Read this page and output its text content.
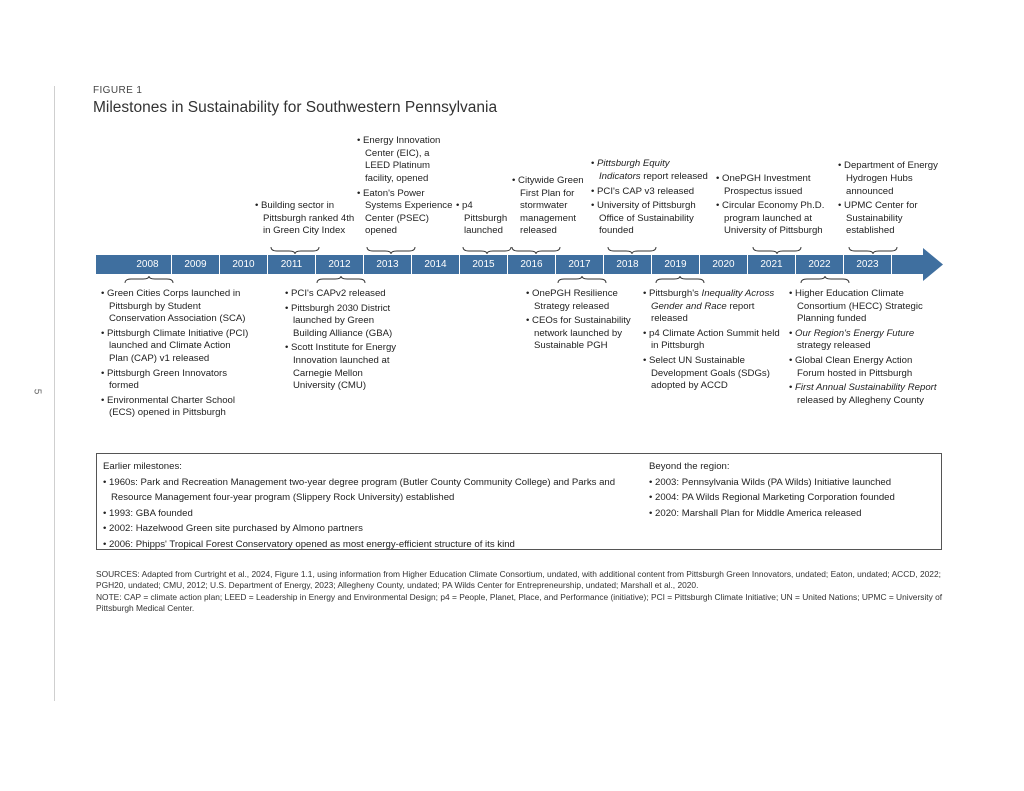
5
FIGURE 1
Milestones in Sustainability for Southwestern Pennsylvania
• Building sector in Pittsburgh ranked 4th in Green City Index
• Energy Innovation Center (EIC), a LEED Platinum facility, opened
• Eaton's Power Systems Experience Center (PSEC) opened
• p4 Pittsburgh launched
• Citywide Green First Plan for stormwater management released
• Pittsburgh Equity Indicators report released
• PCI's CAP v3 released
• University of Pittsburgh Office of Sustainability founded
• OnePGH Investment Prospectus issued
• Circular Economy Ph.D. program launched at University of Pittsburgh
• Department of Energy Hydrogen Hubs announced
• UPMC Center for Sustainability established
2008	2009	2010	2011	2012	2013	2014	2015	2016	2017	2018	2019	2020	2021	2022	2023
• Green Cities Corps launched in Pittsburgh by Student Conservation Association (SCA)
• Pittsburgh Climate Initiative (PCI) launched and Climate Action Plan (CAP) v1 released
• Pittsburgh Green Innovators formed
• Environmental Charter School (ECS) opened in Pittsburgh
• PCI's CAPv2 released
• Pittsburgh 2030 District launched by Green Building Alliance (GBA)
• Scott Institute for Energy Innovation launched at Carnegie Mellon University (CMU)
• OnePGH Resilience Strategy released
• CEOs for Sustainability network launched by Sustainable PGH
• Pittsburgh's Inequality Across Gender and Race report released
• p4 Climate Action Summit held in Pittsburgh
• Select UN Sustainable Development Goals (SDGs) adopted by ACCD
• Higher Education Climate Consortium (HECC) Strategic Planning funded
• Our Region's Energy Future strategy released
• Global Clean Energy Action Forum hosted in Pittsburgh
• First Annual Sustainability Report released by Allegheny County
Earlier milestones:
• 1960s: Park and Recreation Management two-year degree program (Butler County Community College) and Parks and Resource Management four-year program (Slippery Rock University) established
• 1993: GBA founded
• 2002: Hazelwood Green site purchased by Almono partners
• 2006: Phipps' Tropical Forest Conservatory opened as most energy-efficient structure of its kind
Beyond the region:
• 2003: Pennsylvania Wilds (PA Wilds) Initiative launched
• 2004: PA Wilds Regional Marketing Corporation founded
• 2020: Marshall Plan for Middle America released

SOURCES: Adapted from Curtright et al., 2024, Figure 1.1, using information from Higher Education Climate Consortium, undated, with additional content from Pittsburgh Green Innovators, undated; Eaton, undated; ACCD, 2022; PGH20, undated; CMU, 2012; U.S. Department of Energy, 2023; Allegheny County, undated; PA Wilds Center for Entrepreneurship, undated; Marshall et al., 2020.

NOTE: CAP = climate action plan; LEED = Leadership in Energy and Environmental Design; p4 = People, Planet, Place, and Performance (initiative); PCI = Pittsburgh Climate Initiative; UN = United Nations; UPMC = University of Pittsburgh Medical Center.
